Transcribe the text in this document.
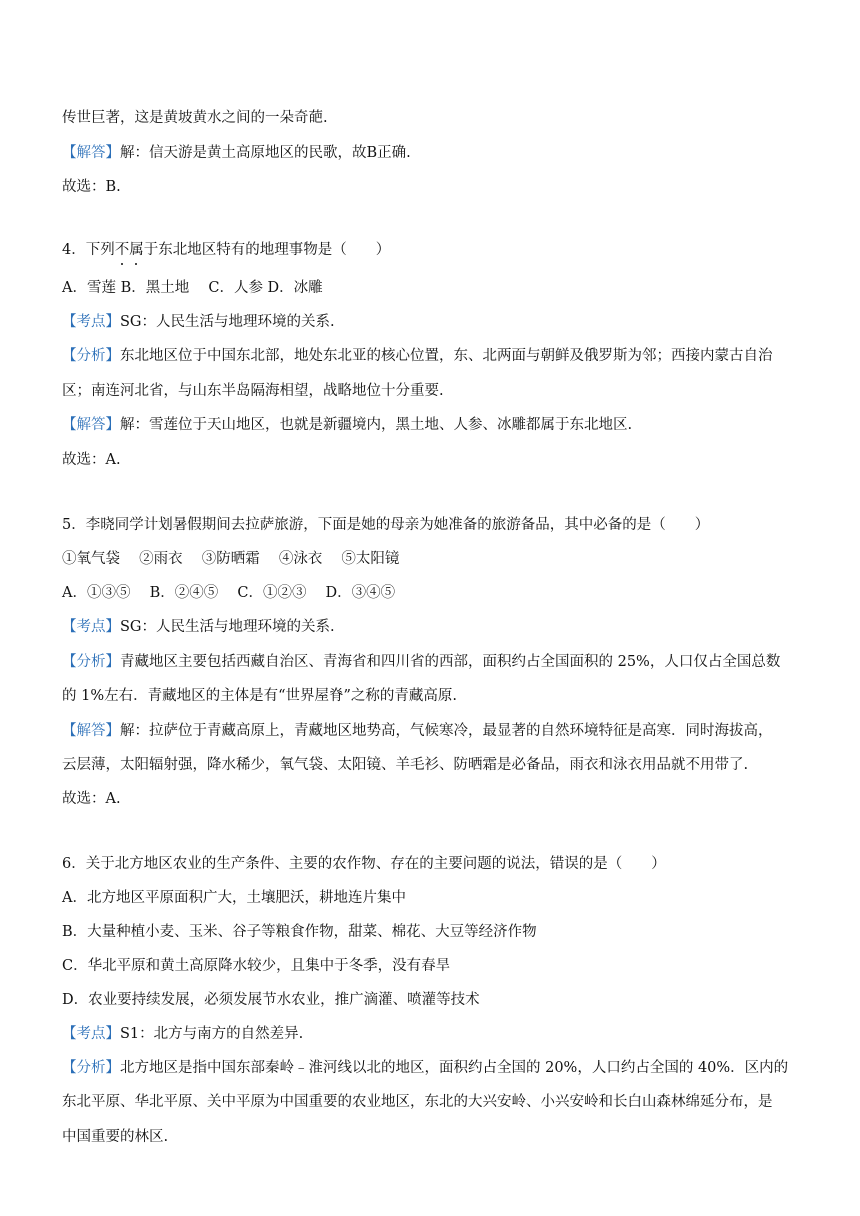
传世巨著，这是黄坡黄水之间的一朵奇葩.
【解答】解：信天游是黄土高原地区的民歌，故B正确.
故选：B.
4．下列不属于东北地区特有的地理事物是（　　）
A．雪莲 B．黑土地　 C．人参 D．冰雕
【考点】SG：人民生活与地理环境的关系.
【分析】东北地区位于中国东北部，地处东北亚的核心位置，东、北两面与朝鲜及俄罗斯为邻；西接内蒙古自治
区；南连河北省，与山东半岛隔海相望，战略地位十分重要.
【解答】解：雪莲位于天山地区，也就是新疆境内，黑土地、人参、冰雕都属于东北地区.
故选：A.
5．李晓同学计划暑假期间去拉萨旅游，下面是她的母亲为她准备的旅游备品，其中必备的是（　　）
①氧气袋　 ②雨衣　 ③防晒霜　 ④泳衣　 ⑤太阳镜
A．①③⑤　 B．②④⑤　 C．①②③　 D．③④⑤
【考点】SG：人民生活与地理环境的关系.
【分析】青藏地区主要包括西藏自治区、青海省和四川省的西部，面积约占全国面积的 25%，人口仅占全国总数
的 1%左右．青藏地区的主体是有“世界屋脊”之称的青藏高原.
【解答】解：拉萨位于青藏高原上，青藏地区地势高，气候寒冷，最显著的自然环境特征是高寒．同时海拔高，
云层薄，太阳辐射强，降水稀少，氧气袋、太阳镜、羊毛衫、防晒霜是必备品，雨衣和泳衣用品就不用带了.
故选：A.
6．关于北方地区农业的生产条件、主要的农作物、存在的主要问题的说法，错误的是（　　）
A．北方地区平原面积广大，土壤肥沃，耕地连片集中
B．大量种植小麦、玉米、谷子等粮食作物，甜菜、棉花、大豆等经济作物
C．华北平原和黄土高原降水较少，且集中于冬季，没有春旱
D．农业要持续发展，必须发展节水农业，推广滴灌、喷灌等技术
【考点】S1：北方与南方的自然差异.
【分析】北方地区是指中国东部秦岭﹣淮河线以北的地区，面积约占全国的 20%，人口约占全国的 40%．区内的
东北平原、华北平原、关中平原为中国重要的农业地区，东北的大兴安岭、小兴安岭和长白山森林绵延分布，是
中国重要的林区.
